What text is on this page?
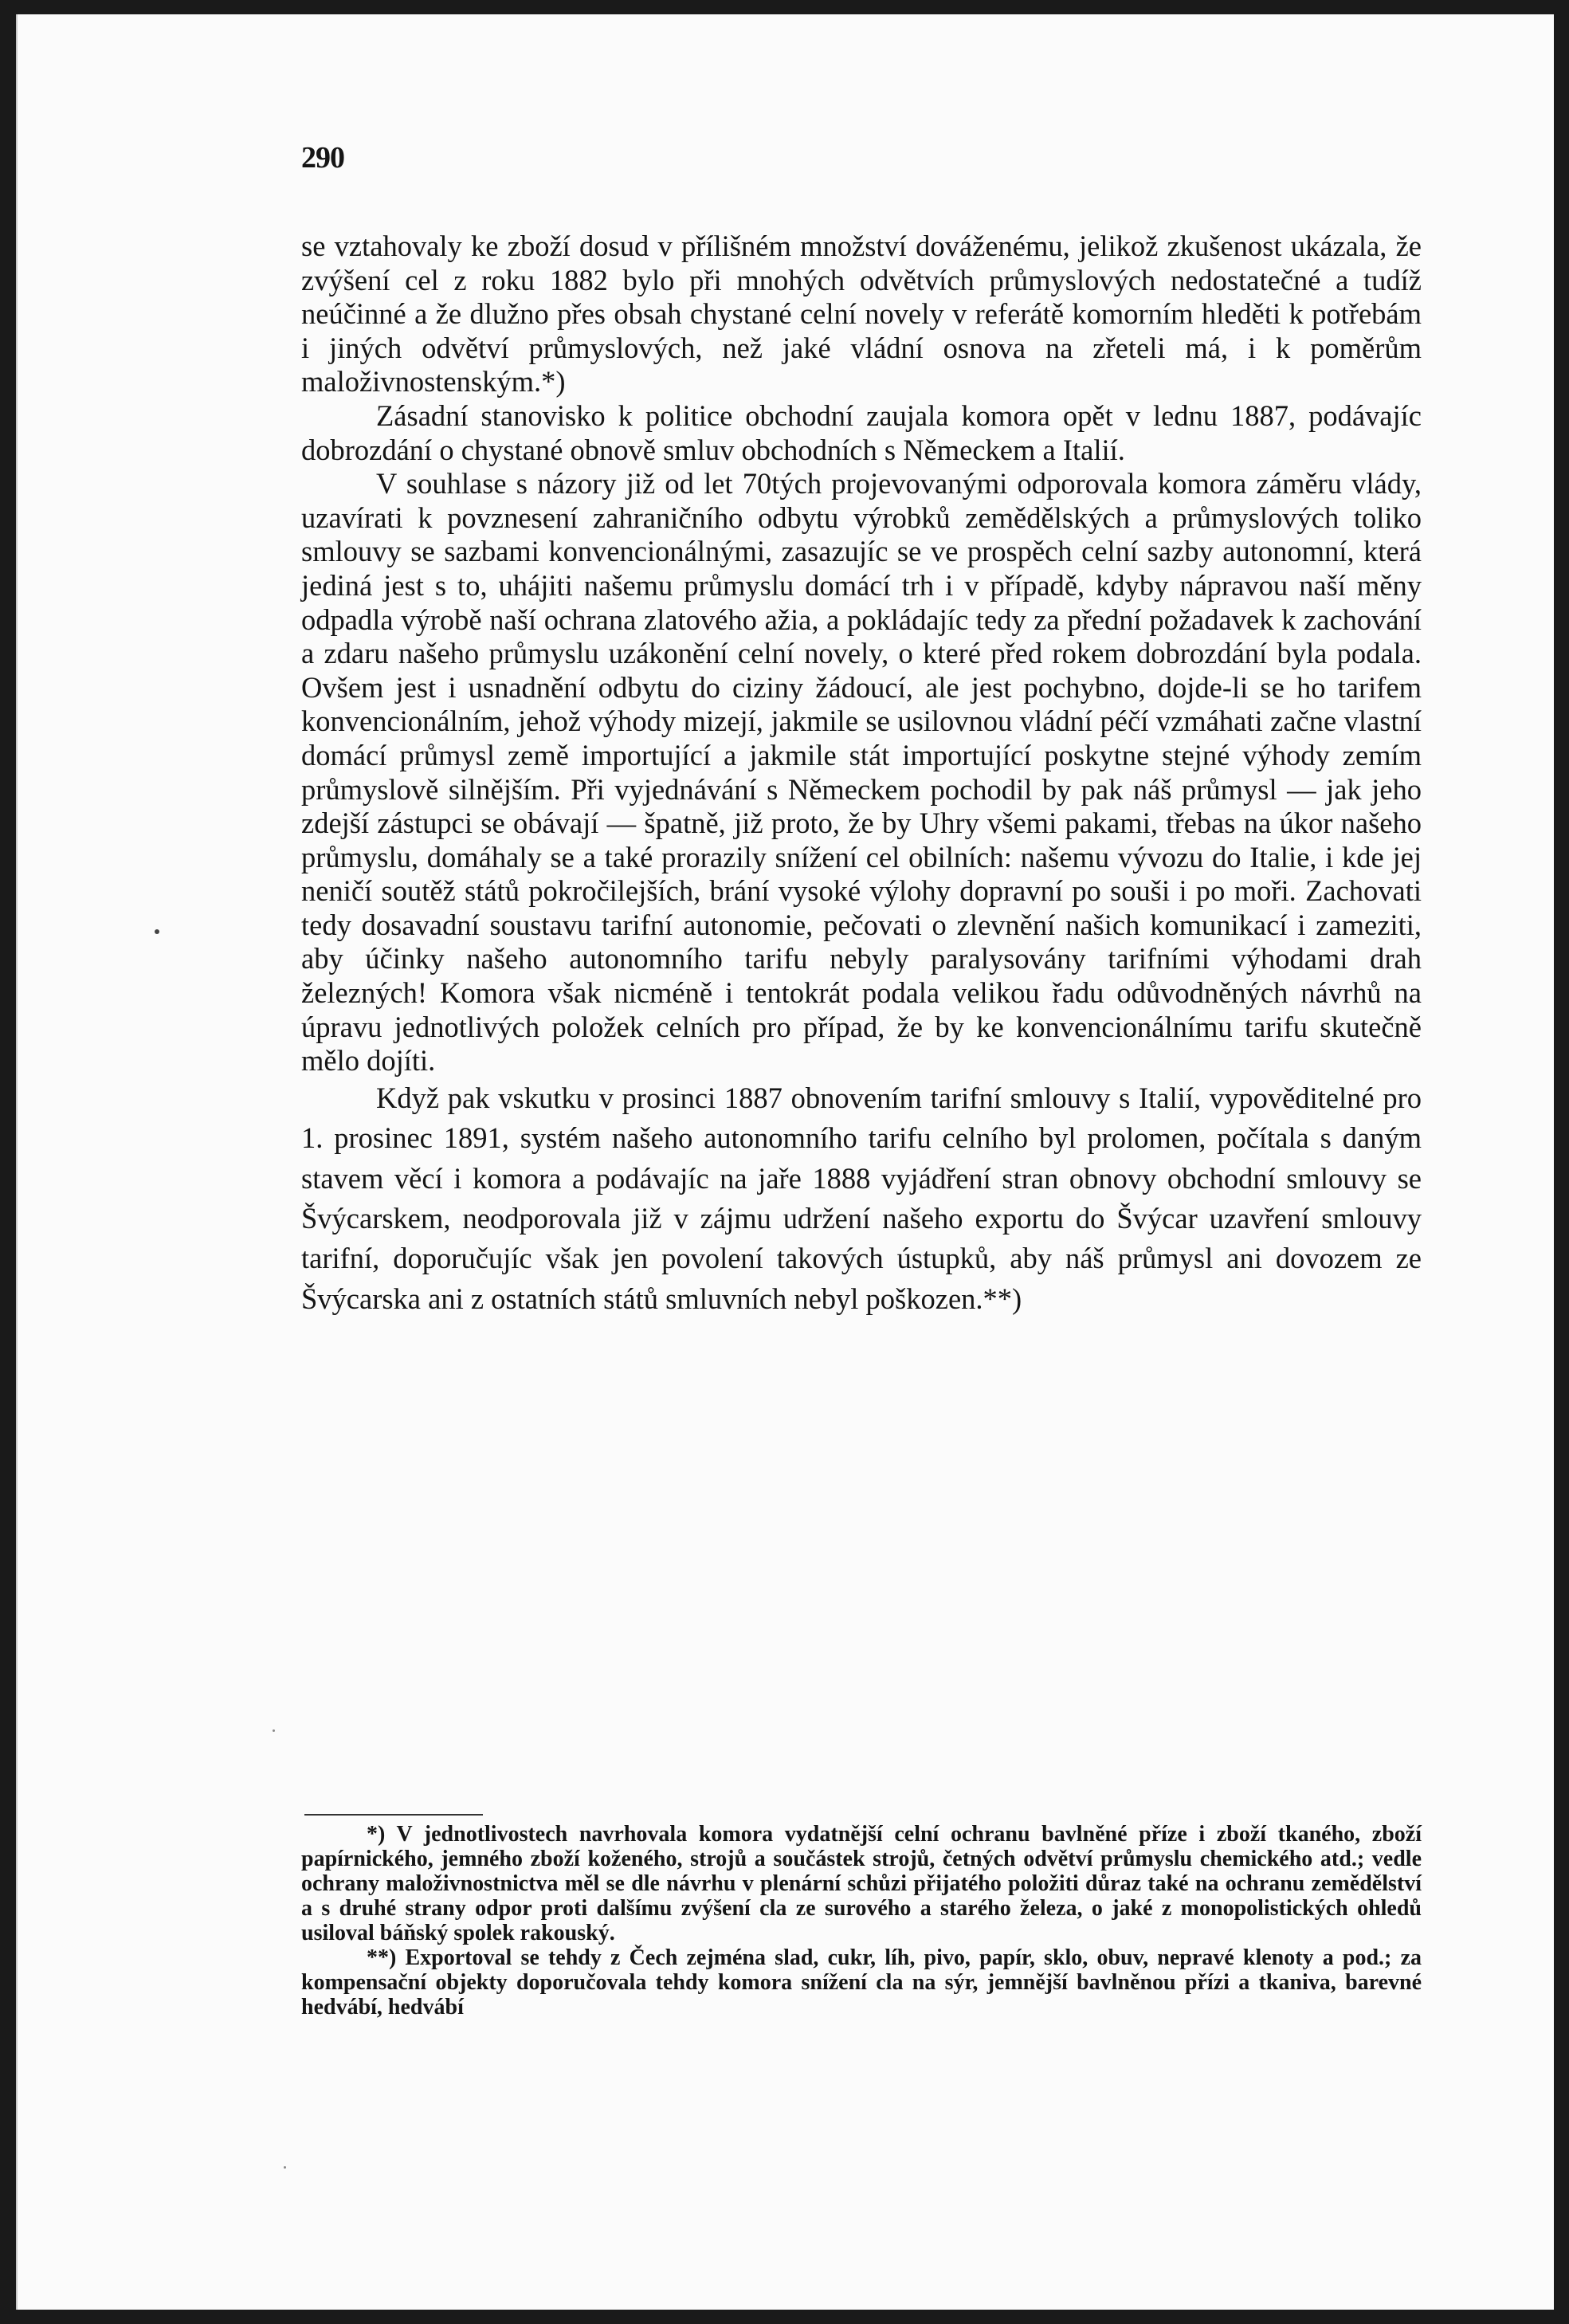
290

se vztahovaly ke zboží dosud v přílišném množství dováženému, jelikož zkušenost ukázala, že zvýšení cel z roku 1882 bylo při mnohých odvětvích průmyslových nedostatečné a tudíž neúčinné a že dlužno přes obsah chystané celní novely v referátě komorním hleděti k potřebám i jiných odvětví průmyslových, než jaké vládní osnova na zřeteli má, i k poměrům maloživnostenským.*)

Zásadní stanovisko k politice obchodní zaujala komora opět v lednu 1887, podávajíc dobrozdání o chystané obnově smluv obchodních s Německem a Italií.

V souhlase s názory již od let 70tých projevovanými odporovala komora záměru vlády, uzavírati k povznesení zahraničního odbytu výrobků zemědělských a průmyslových toliko smlouvy se sazbami konvencionálnými, zasazujíc se ve prospěch celní sazby autonomní, která jediná jest s to, uhájiti našemu průmyslu domácí trh i v případě, kdyby nápravou naší měny odpadla výrobě naší ochrana zlatového ažia, a pokládajíc tedy za přední požadavek k zachování a zdaru našeho průmyslu uzákonění celní novely, o které před rokem dobrozdání byla podala. Ovšem jest i usnadnění odbytu do ciziny žádoucí, ale jest pochybno, dojde-li se ho tarifem konvencionálním, jehož výhody mizejí, jakmile se usilovnou vládní péčí vzmáhati začne vlastní domácí průmysl země importující a jakmile stát importující poskytne stejné výhody zemím průmyslově silnějším. Při vyjednávání s Německem pochodil by pak náš průmysl — jak jeho zdejší zástupci se obávají — špatně, již proto, že by Uhry všemi pakami, třebas na úkor našeho průmyslu, domáhaly se a také prorazily snížení cel obilních: našemu vývozu do Italie, i kde jej neničí soutěž států pokročilejších, brání vysoké výlohy dopravní po souši i po moři. Zachovati tedy dosavadní soustavu tarifní autonomie, pečovati o zlevnění našich komunikací i zameziti, aby účinky našeho autonomního tarifu nebyly paralysovány tarifními výhodami drah železných! Komora však nicméně i tentokrát podala velikou řadu odůvodněných návrhů na úpravu jednotlivých položek celních pro případ, že by ke konvencionálnímu tarifu skutečně mělo dojíti.

Když pak vskutku v prosinci 1887 obnovením tarifní smlouvy s Italií, vypověditelné pro 1. prosinec 1891, systém našeho autonomního tarifu celního byl prolomen, počítala s daným stavem věcí i komora a podávajíc na jaře 1888 vyjádření stran obnovy obchodní smlouvy se Švýcarskem, neodporovala již v zájmu udržení našeho exportu do Švýcar uzavření smlouvy tarifní, doporučujíc však jen povolení takových ústupků, aby náš průmysl ani dovozem ze Švýcarska ani z ostatních států smluvních nebyl poškozen.**)

*) V jednotlivostech navrhovala komora vydatnější celní ochranu bavlněné příze i zboží tkaného, zboží papírnického, jemného zboží koženého, strojů a součástek strojů, četných odvětví průmyslu chemického atd.; vedle ochrany maloživnostnictva měl se dle návrhu v plenární schůzi přijatého položiti důraz také na ochranu zemědělství a s druhé strany odpor proti dalšímu zvýšení cla ze surového a starého železa, o jaké z monopolistických ohledů usiloval báňský spolek rakouský.

**) Exportoval se tehdy z Čech zejména slad, cukr, líh, pivo, papír, sklo, obuv, nepravé klenoty a pod.; za kompensační objekty doporučovala tehdy komora snížení cla na sýr, jemnější bavlněnou přízi a tkaniva, barevné hedvábí, hedvábí
